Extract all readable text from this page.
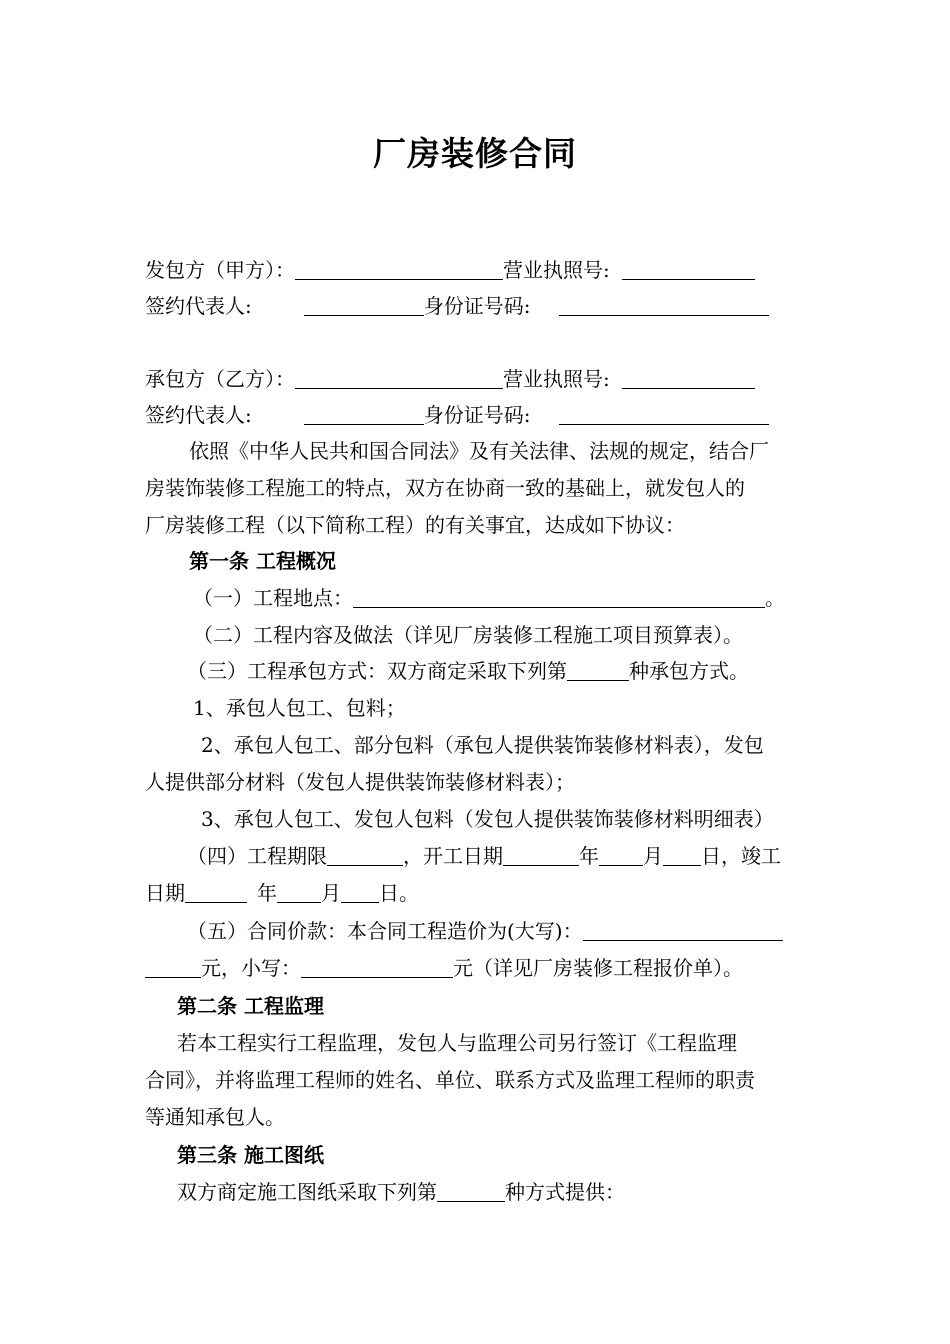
厂房装修合同
发包方（甲方）：	营业执照号:
签约代表人:	身份证号码:
承包方（乙方）：	营业执照号:
签约代表人:	身份证号码:
依照《中华人民共和国合同法》及有关法律、法规的规定，结合厂
房装饰装修工程施工的特点，双方在协商一致的基础上，就发包人的
厂房装修工程（以下简称工程）的有关事宜，达成如下协议：
第一条 工程概况
（一）工程地点：	。
（二）工程内容及做法（详见厂房装修工程施工项目预算表）。
（三）工程承包方式：双方商定采取下列第	种承包方式。
1、承包人包工、包料；
2、承包人包工、部分包料（承包人提供装饰装修材料表），发包
人提供部分材料（发包人提供装饰装修材料表）；
3、承包人包工、发包人包料（发包人提供装饰装修材料明细表）
（四）工程期限	，开工日期	年 月 日，竣工
日期	年 月 日。
（五）合同价款：本合同工程造价为(大写)：
元，小写：	元（详见厂房装修工程报价单）。
第二条 工程监理
若本工程实行工程监理，发包人与监理公司另行签订《工程监理
合同》，并将监理工程师的姓名、单位、联系方式及监理工程师的职责
等通知承包人。
第三条 施工图纸
双方商定施工图纸采取下列第	种方式提供：
